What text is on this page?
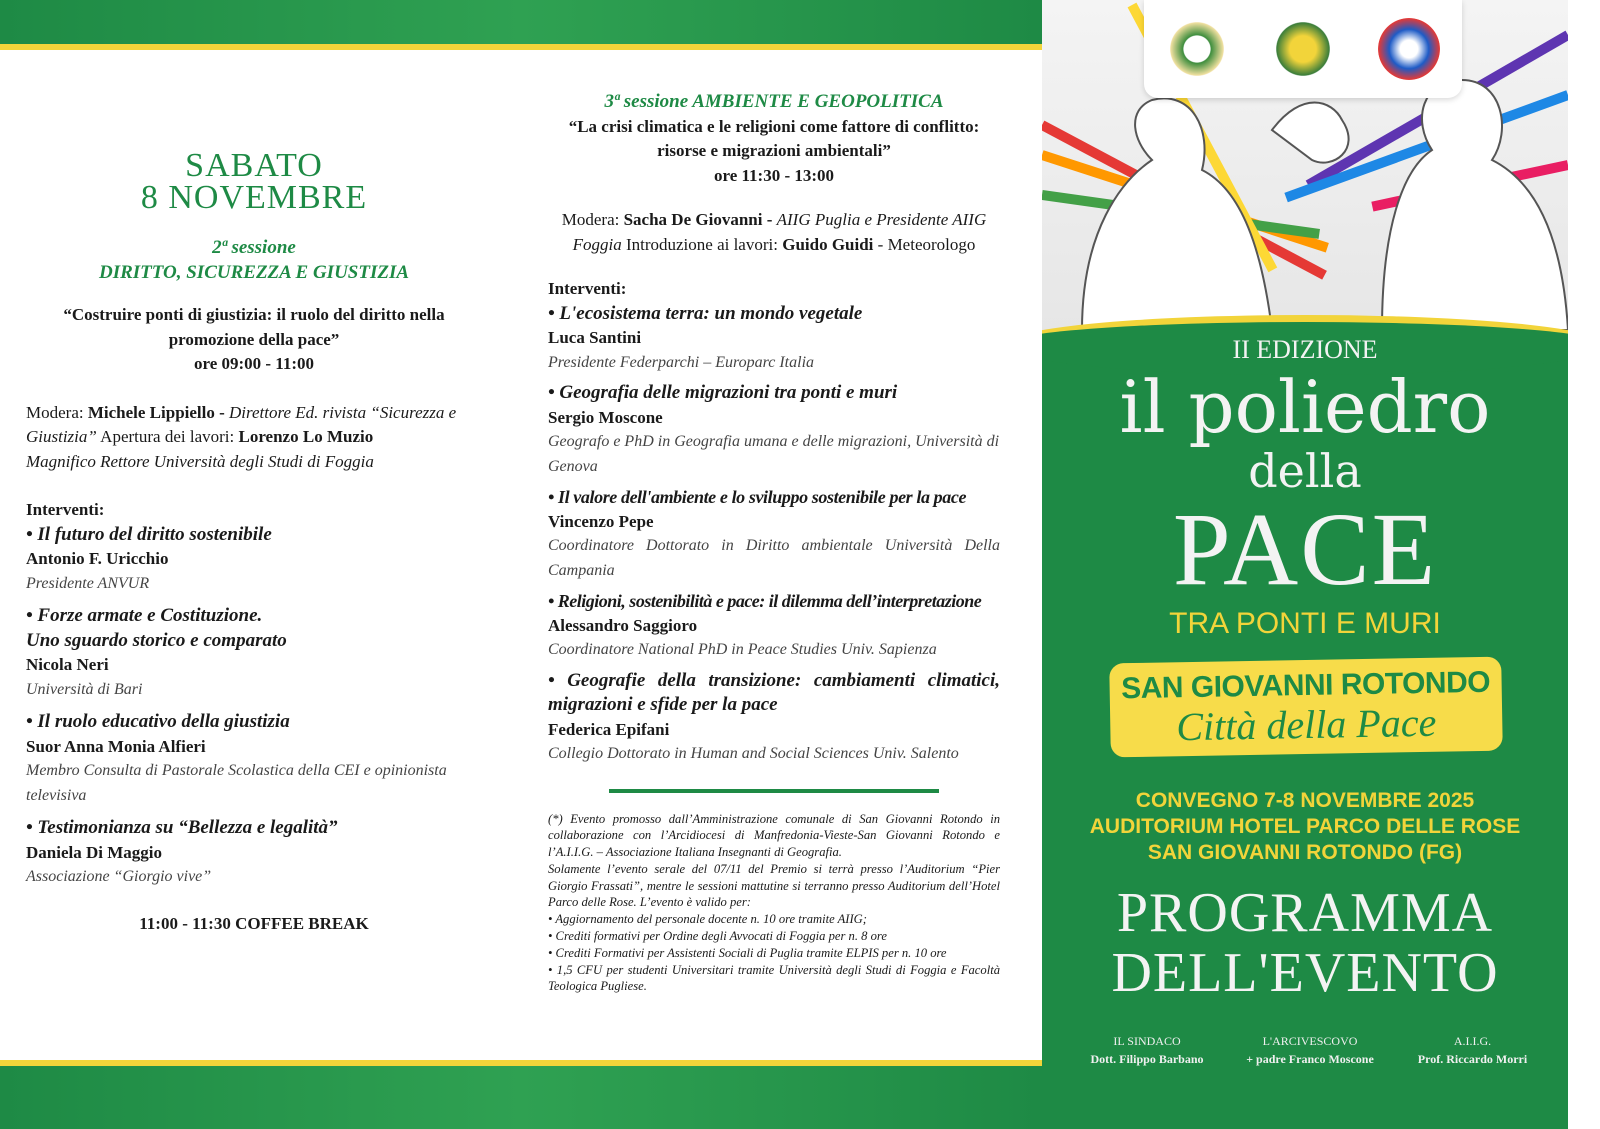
SABATO
8 NOVEMBRE
2ª sessione
DIRITTO, SICUREZZA E GIUSTIZIA
“Costruire ponti di giustizia: il ruolo del diritto nella promozione della pace”
ore 09:00 - 11:00
Modera: Michele Lippiello - Direttore Ed. rivista “Sicurezza e Giustizia” Apertura dei lavori: Lorenzo Lo Muzio
Magnifico Rettore Università degli Studi di Foggia
Interventi:
• Il futuro del diritto sostenibile
Antonio F. Uricchio
Presidente ANVUR
• Forze armate e Costituzione.
Uno sguardo storico e comparato
Nicola Neri
Università di Bari
• Il ruolo educativo della giustizia
Suor Anna Monia Alfieri
Membro Consulta di Pastorale Scolastica della CEI e opinionista televisiva
• Testimonianza su “Bellezza e legalità”
Daniela Di Maggio
Associazione “Giorgio vive”
11:00 - 11:30 COFFEE BREAK
3ª sessione AMBIENTE E GEOPOLITICA
“La crisi climatica e le religioni come fattore di conflitto: risorse e migrazioni ambientali”
ore 11:30 - 13:00
Modera: Sacha De Giovanni - AIIG Puglia e Presidente AIIG Foggia Introduzione ai lavori: Guido Guidi - Meteorologo
Interventi:
• L'ecosistema terra: un mondo vegetale
Luca Santini
Presidente Federparchi – Europarc Italia
• Geografia delle migrazioni tra ponti e muri
Sergio Moscone
Geografo e PhD in Geografia umana e delle migrazioni, Università di Genova
• Il valore dell'ambiente e lo sviluppo sostenibile per la pace
Vincenzo Pepe
Coordinatore Dottorato in Diritto ambientale Università Della Campania
• Religioni, sostenibilità e pace: il dilemma dell’interpretazione
Alessandro Saggioro
Coordinatore National PhD in Peace Studies Univ. Sapienza
• Geografie della transizione: cambiamenti climatici, migrazioni e sfide per la pace
Federica Epifani
Collegio Dottorato in Human and Social Sciences Univ. Salento
(*) Evento promosso dall’Amministrazione comunale di San Giovanni Rotondo in collaborazione con l’Arcidiocesi di Manfredonia-Vieste-San Giovanni Rotondo e l’A.I.I.G. – Associazione Italiana Insegnanti di Geografia.
Solamente l’evento serale del 07/11 del Premio si terrà presso l’Auditorium “Pier Giorgio Frassati”, mentre le sessioni mattutine si terranno presso Auditorium dell’Hotel Parco delle Rose. L’evento è valido per:
• Aggiornamento del personale docente n. 10 ore tramite AIIG;
• Crediti formativi per Ordine degli Avvocati di Foggia per n. 8 ore
• Crediti Formativi per Assistenti Sociali di Puglia tramite ELPIS per n. 10 ore
• 1,5 CFU per studenti Universitari tramite Università degli Studi di Foggia e Facoltà Teologica Pugliese.
II EDIZIONE
il poliedro
della
PACE
TRA PONTI E MURI
SAN GIOVANNI ROTONDO
Città della Pace
CONVEGNO 7-8 NOVEMBRE 2025
AUDITORIUM HOTEL PARCO DELLE ROSE
SAN GIOVANNI ROTONDO (FG)
PROGRAMMA
DELL'EVENTO
IL SINDACO
Dott. Filippo Barbano
L'ARCIVESCOVO
+ padre Franco Moscone
A.I.I.G.
Prof. Riccardo Morri
